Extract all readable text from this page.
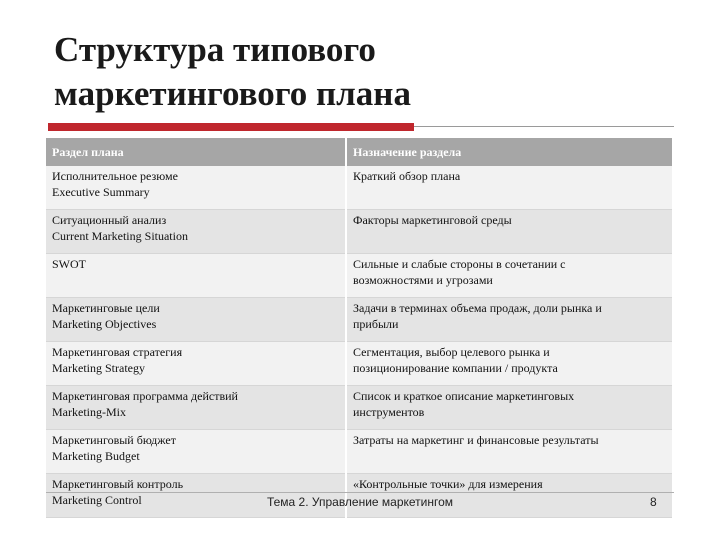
Структура типового
маркетингового плана
Раздел плана	Назначение раздела

Исполнительное резюме
Executive Summary	Краткий обзор плана

Ситуационный анализ
Current Marketing Situation	Факторы маркетинговой среды

SWOT	Сильные и слабые стороны в сочетании с
возможностями и угрозами

Маркетинговые цели
Marketing Objectives	Задачи в терминах объема продаж, доли рынка и
прибыли

Маркетинговая стратегия
Marketing Strategy	Сегментация, выбор целевого рынка и
позиционирование компании / продукта

Маркетинговая программа действий
Marketing-Mix	Список и краткое описание маркетинговых
инструментов

Маркетинговый бюджет
Marketing Budget	Затраты на маркетинг и финансовые результаты

Маркетинговый контроль
Marketing Control	«Контрольные точки» для измерения
Тема 2. Управление маркетингом	8
